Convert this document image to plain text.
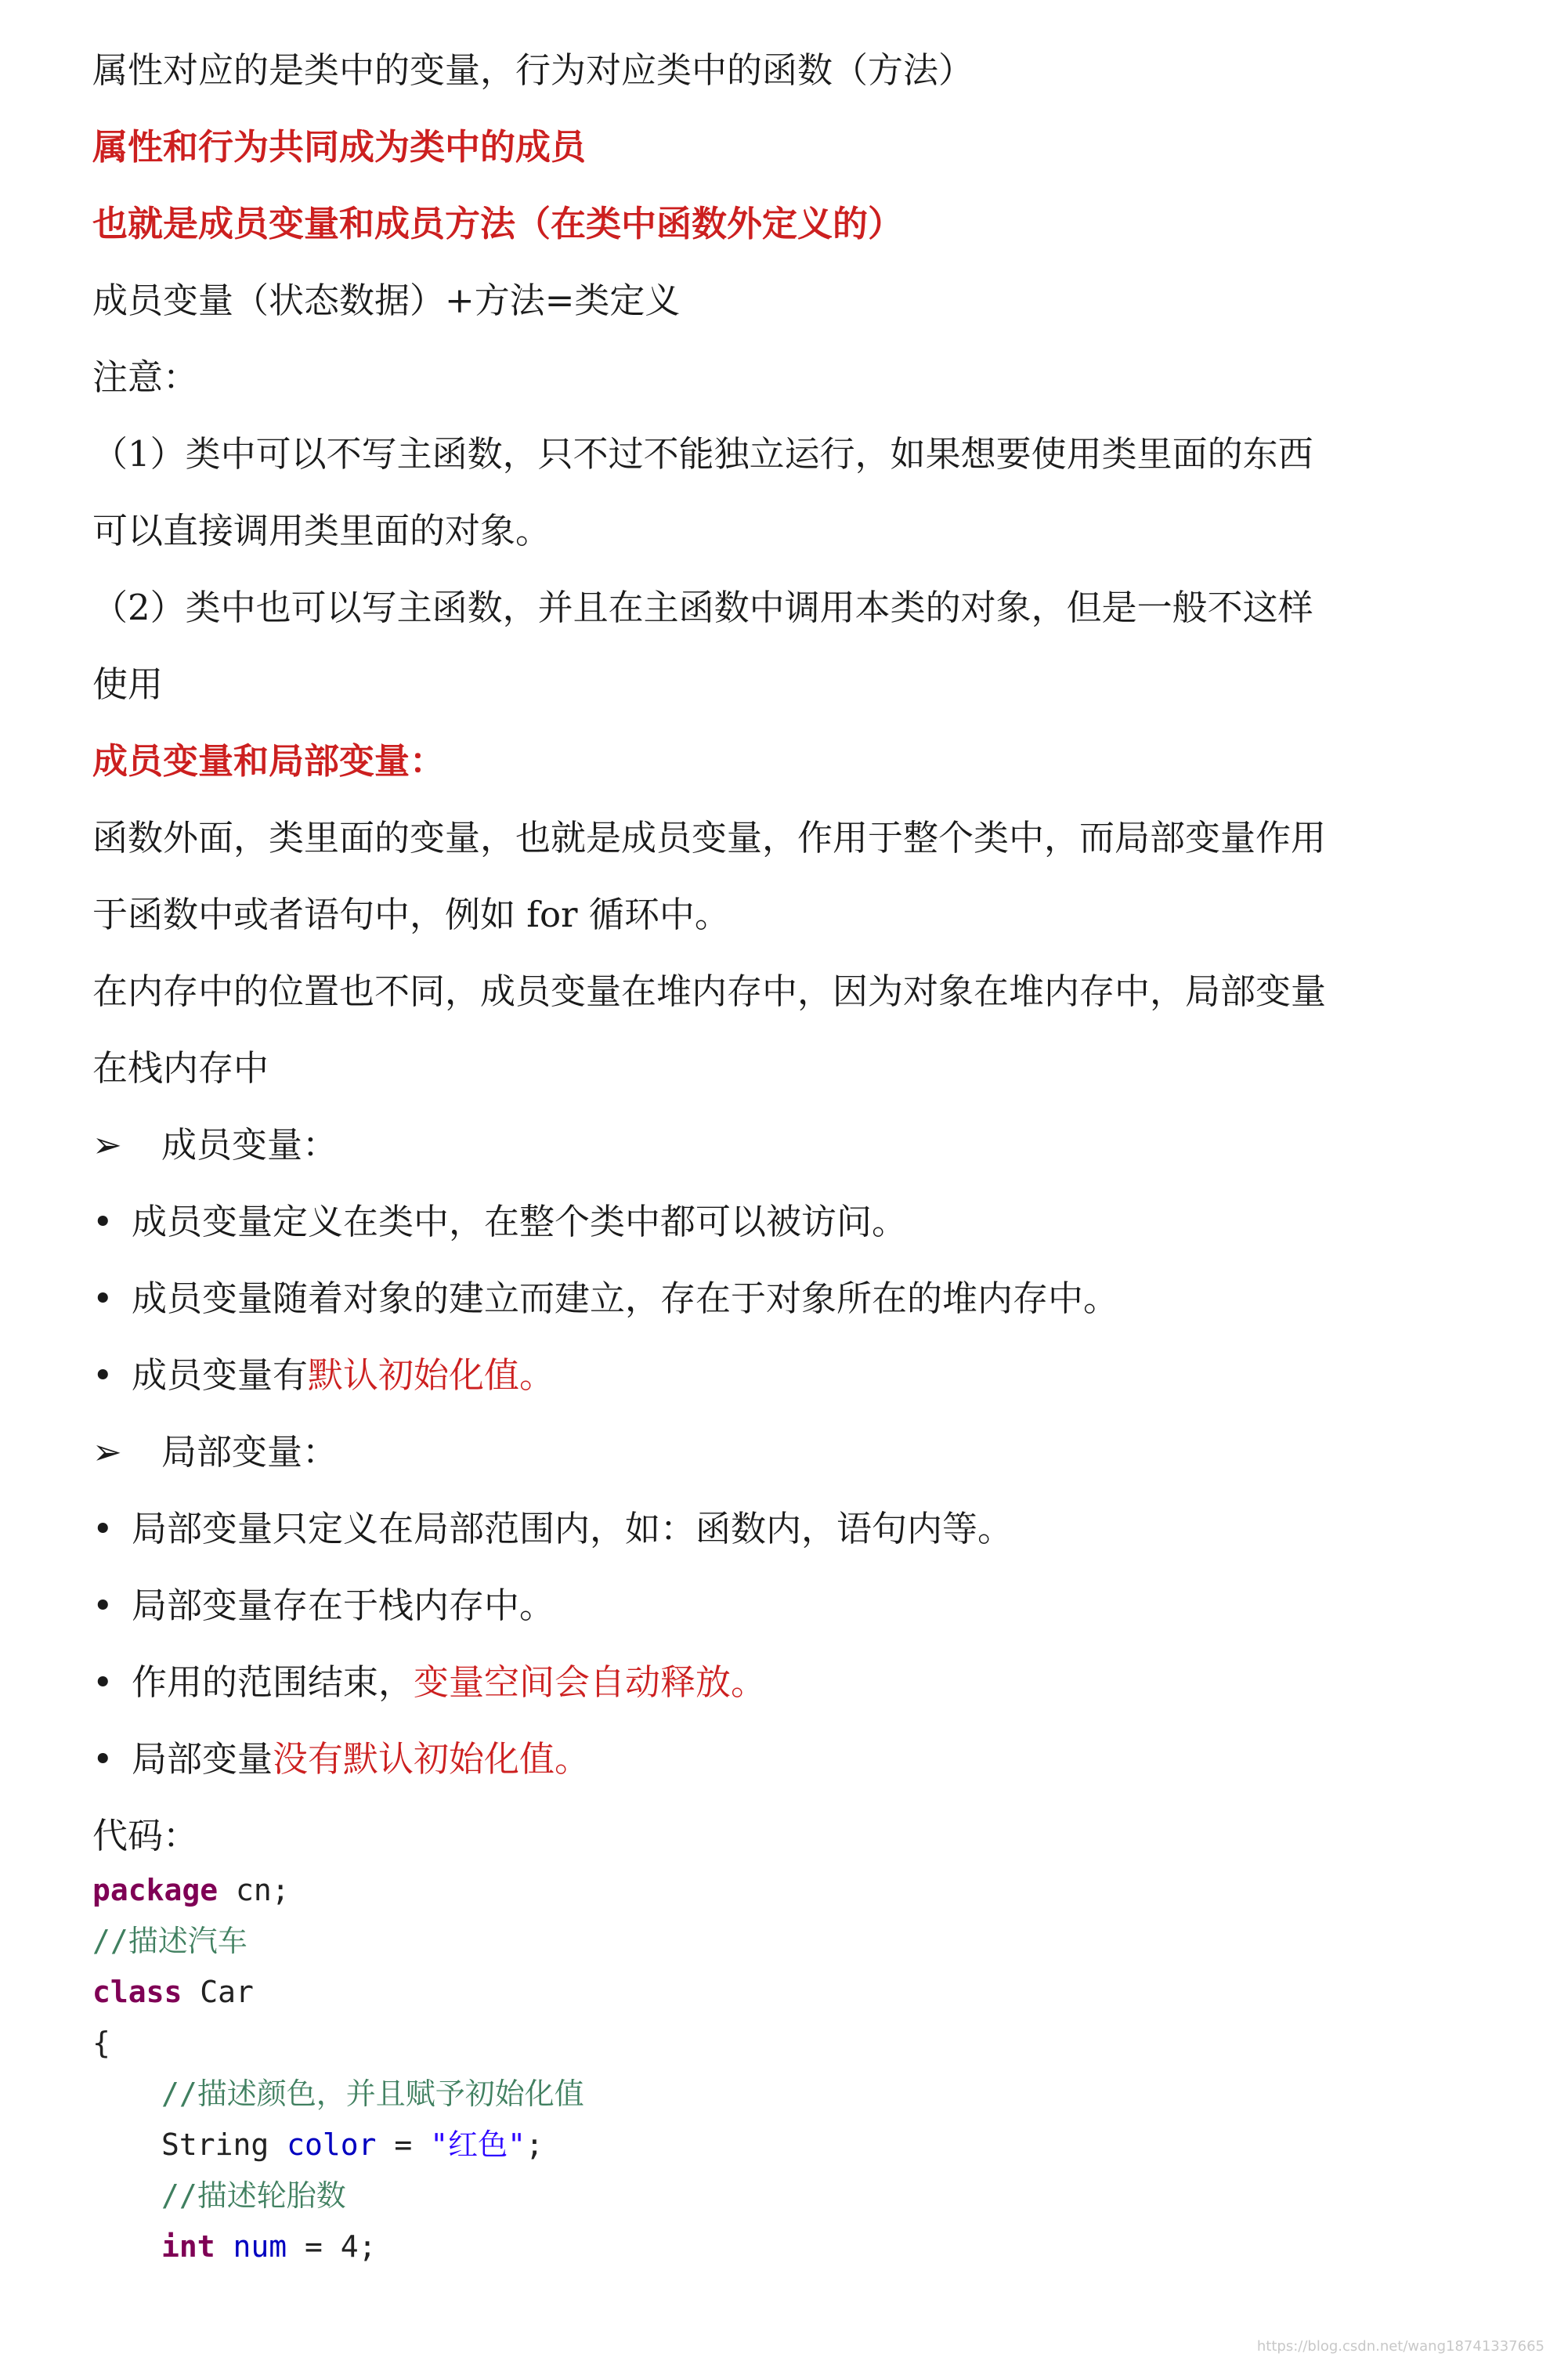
属性对应的是类中的变量，行为对应类中的函数（方法）
属性和行为共同成为类中的成员
也就是成员变量和成员方法（在类中函数外定义的）
成员变量（状态数据）+方法=类定义
注意：
（1）类中可以不写主函数，只不过不能独立运行，如果想要使用类里面的东西
可以直接调用类里面的对象。
（2）类中也可以写主函数，并且在主函数中调用本类的对象，但是一般不这样
使用
成员变量和局部变量：
函数外面，类里面的变量，也就是成员变量，作用于整个类中，而局部变量作用
于函数中或者语句中，例如 for 循环中。
在内存中的位置也不同，成员变量在堆内存中，因为对象在堆内存中，局部变量
在栈内存中
➢ 成员变量：
• 成员变量定义在类中，在整个类中都可以被访问。
• 成员变量随着对象的建立而建立，存在于对象所在的堆内存中。
• 成员变量有默认初始化值。
➢ 局部变量：
• 局部变量只定义在局部范围内，如：函数内，语句内等。
• 局部变量存在于栈内存中。
• 作用的范围结束，变量空间会自动释放。
• 局部变量没有默认初始化值。
代码：
package cn;
//描述汽车
class Car
{
//描述颜色，并且赋予初始化值
String color = "红色";
//描述轮胎数
int num = 4;
https://blog.csdn.net/wang18741337665
